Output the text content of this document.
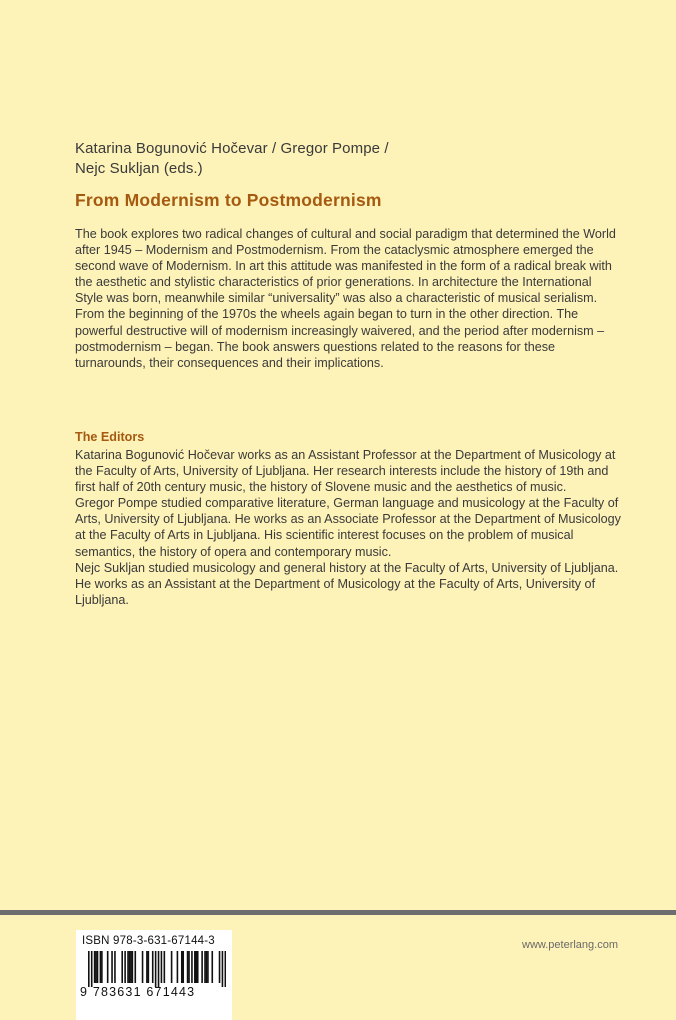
Katarina Bogunović Hočevar / Gregor Pompe /
Nejc Sukljan (eds.)
From Modernism to Postmodernism

The book explores two radical changes of cultural and social paradigm that determined the World after 1945 – Modernism and Postmodernism. From the cataclysmic atmosphere emerged the second wave of Modernism. In art this attitude was manifested in the form of a radical break with the aesthetic and stylistic characteristics of prior generations. In architecture the International Style was born, meanwhile similar “universality” was also a characteristic of musical serialism.

From the beginning of the 1970s the wheels again began to turn in the other direction. The powerful destructive will of modernism increasingly waivered, and the period after modernism – postmodernism – began. The book answers questions related to the reasons for these turnarounds, their consequences and their implications.

The Editors

Katarina Bogunović Hočevar works as an Assistant Professor at the Department of Musicology at the Faculty of Arts, University of Ljubljana. Her research interests include the history of 19th and first half of 20th century music, the history of Slovene music and the aesthetics of music.

Gregor Pompe studied comparative literature, German language and musicology at the Faculty of Arts, University of Ljubljana. He works as an Associate Professor at the Department of Musicology at the Faculty of Arts in Ljubljana. His scientific interest focuses on the problem of musical semantics, the history of opera and contemporary music.

Nejc Sukljan studied musicology and general history at the Faculty of Arts, University of Ljubljana. He works as an Assistant at the Department of Musicology at the Faculty of Arts, University of Ljubljana.

ISBN 978-3-631-67144-3
9 783631 671443
www.peterlang.com
